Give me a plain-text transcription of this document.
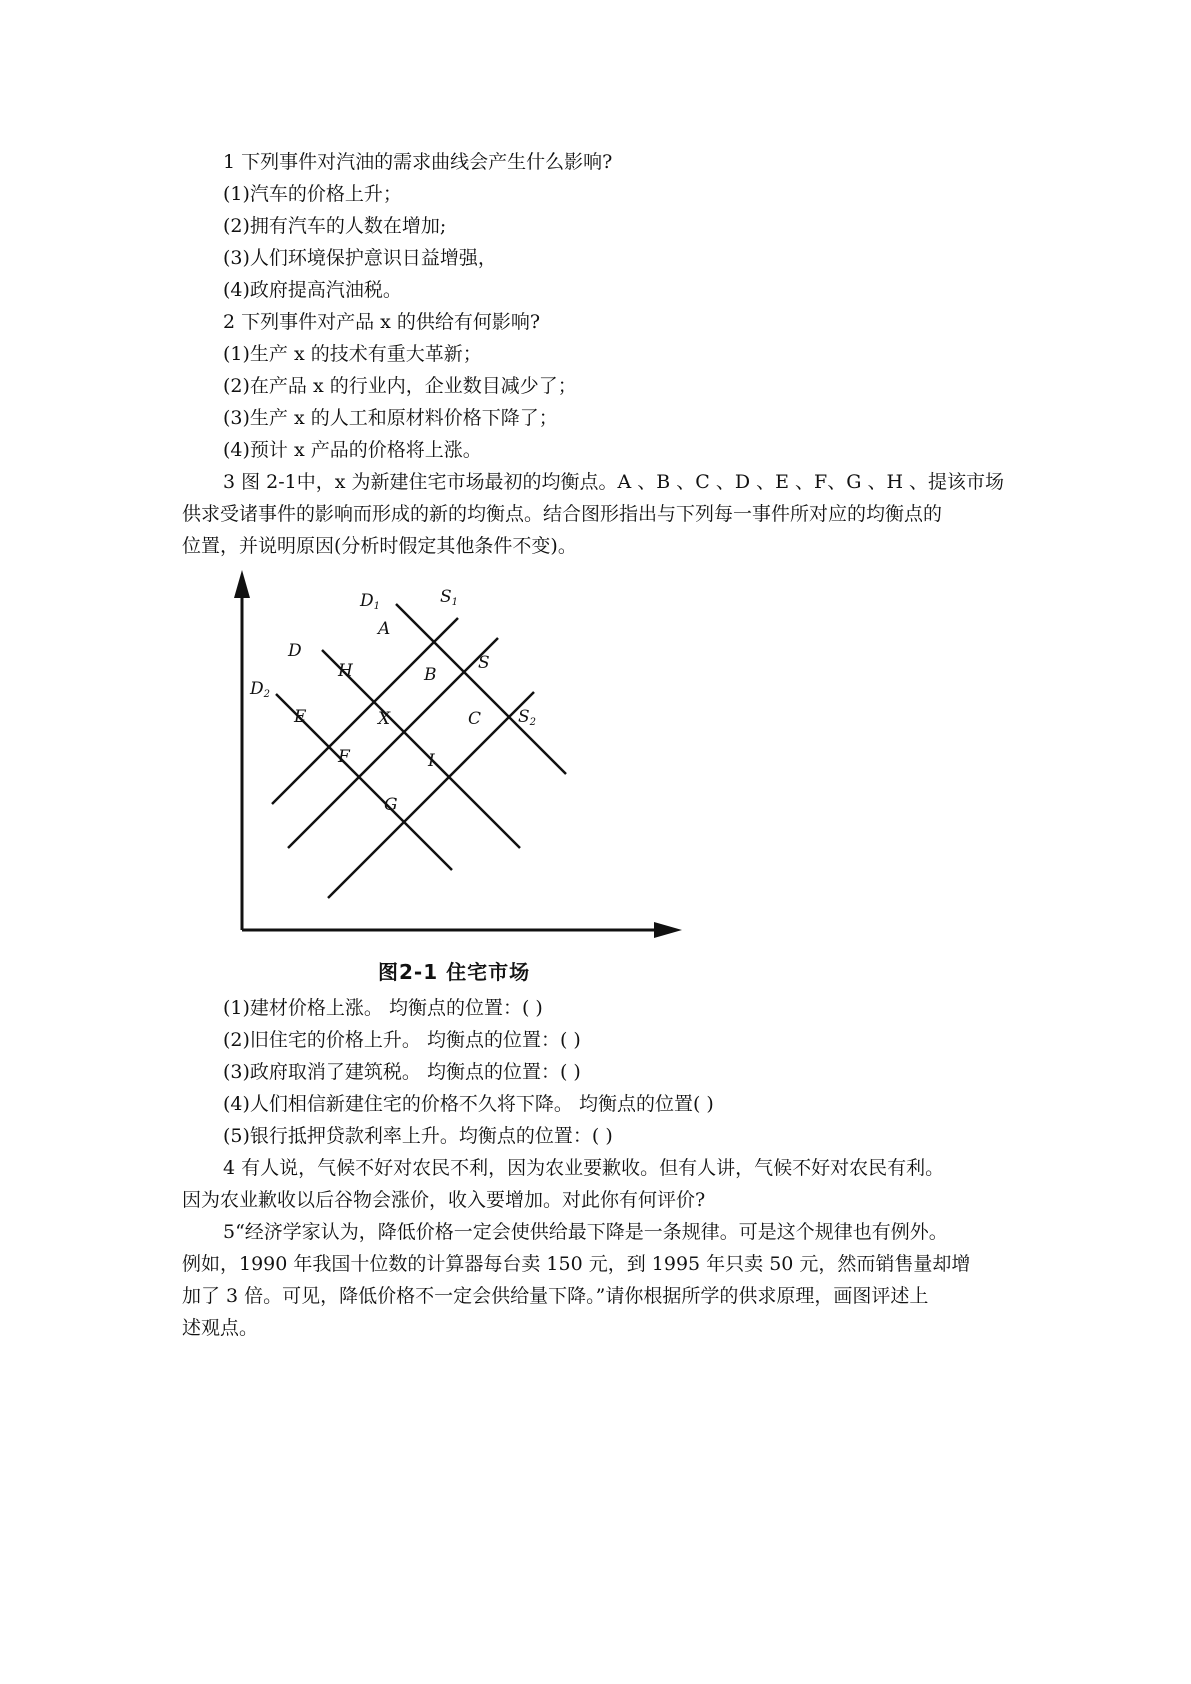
1 下列事件对汽油的需求曲线会产生什么影响?
(1)汽车的价格上升；
(2)拥有汽车的人数在增加;
(3)人们环境保护意识日益增强，
(4)政府提高汽油税。
2 下列事件对产品 x 的供给有何影响?
(1)生产 x 的技术有重大革新；
(2)在产品 x 的行业内，企业数目减少了；
(3)生产 x 的人工和原材料价格下降了；
(4)预计 x 产品的价格将上涨。
3 图 2-1中，x 为新建住宅市场最初的均衡点。A 、B 、C 、D 、E 、F、G 、H 、提该市场
供求受诸事件的影响而形成的新的均衡点。结合图形指出与下列每一事件所对应的均衡点的
位置，并说明原因(分析时假定其他条件不变)。
D1	S1
D
S
D2
S2
A
H	B
E	X	C
F	I
G
图2-1 住宅市场
(1)建材价格上涨。 均衡点的位置：( )
(2)旧住宅的价格上升。 均衡点的位置：( )
(3)政府取消了建筑税。 均衡点的位置：( )
(4)人们相信新建住宅的价格不久将下降。 均衡点的位置( )
(5)银行抵押贷款利率上升。均衡点的位置：( )
4 有人说，气候不好对农民不利，因为农业要歉收。但有人讲，气候不好对农民有利。
因为农业歉收以后谷物会涨价，收入要增加。对此你有何评价?
5“经济学家认为，降低价格一定会使供给最下降是一条规律。可是这个规律也有例外。
例如，1990 年我国十位数的计算器每台卖 150 元，到 1995 年只卖 50 元，然而销售量却增
加了 3 倍。可见，降低价格不一定会供给量下降。”请你根据所学的供求原理，画图评述上
述观点。
